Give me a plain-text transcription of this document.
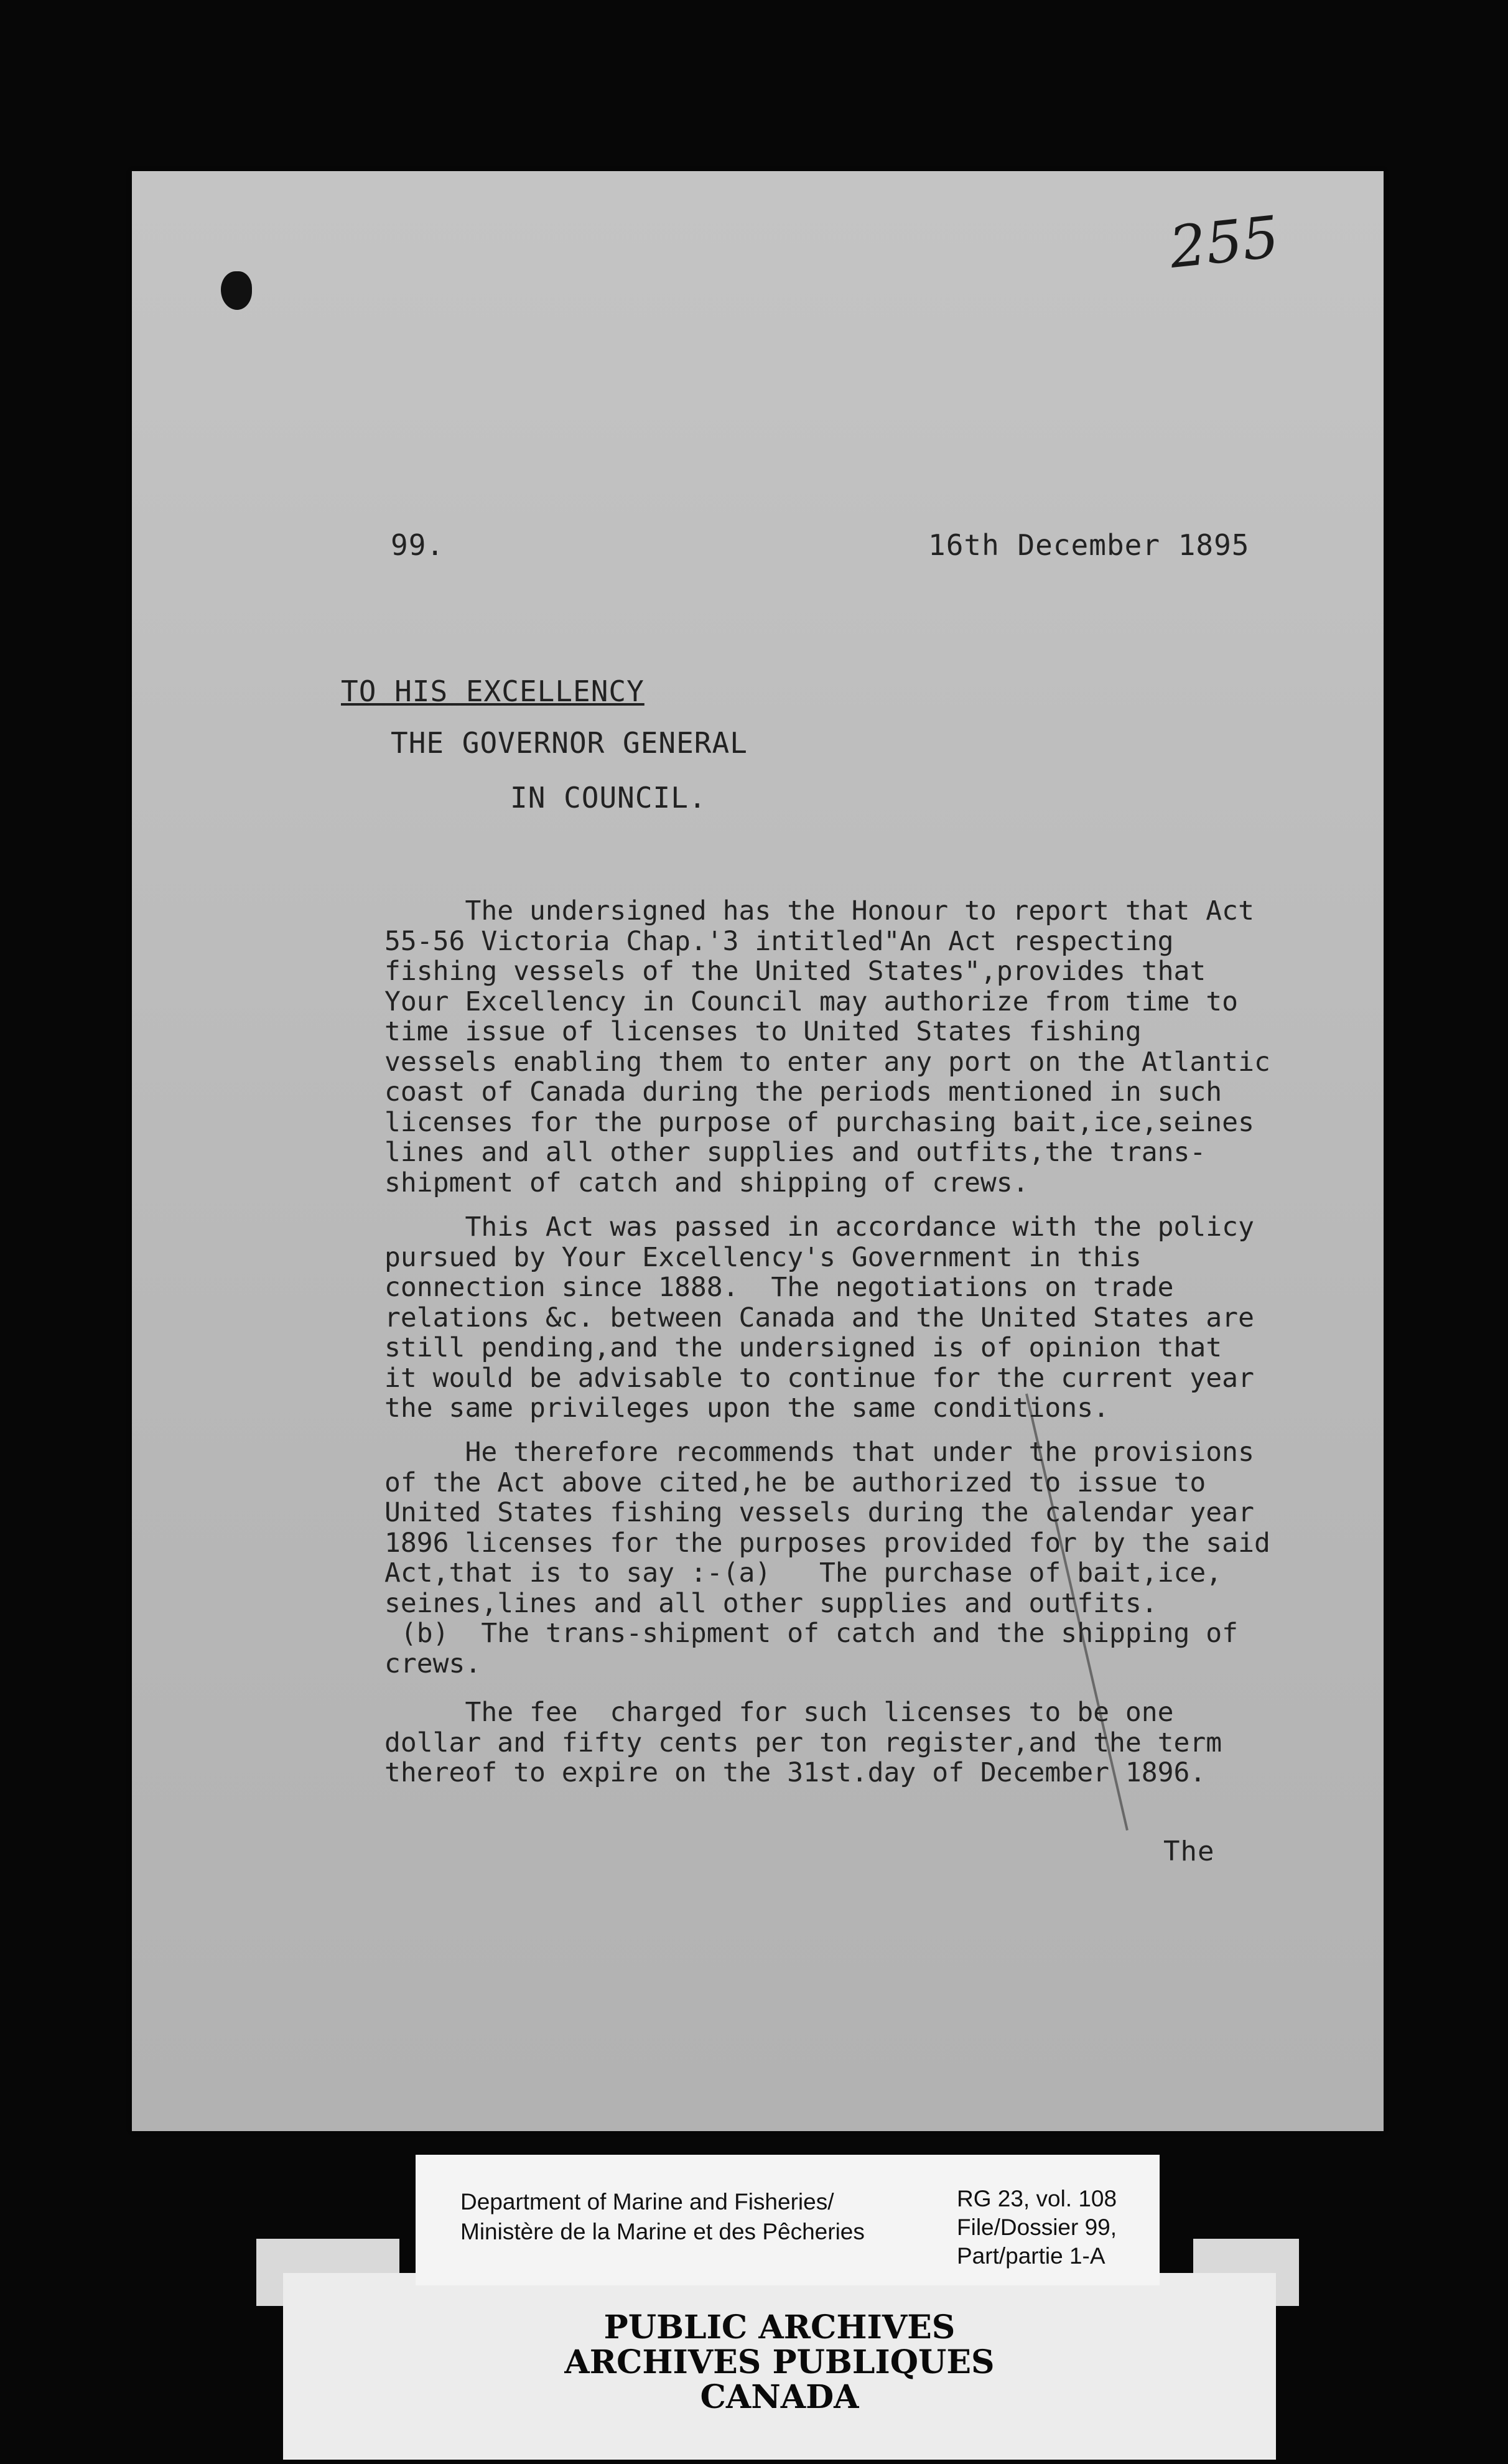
255
99.	16th December 1895
TO HIS EXCELLENCY
THE GOVERNOR GENERAL
IN COUNCIL.
The undersigned has the Honour to report that Act
55-56 Victoria Chap.'3 intitled"An Act respecting
fishing vessels of the United States",provides that
Your Excellency in Council may authorize from time to
time issue of licenses to United States fishing
vessels enabling them to enter any port on the Atlantic
coast of Canada during the periods mentioned in such
licenses for the purpose of purchasing bait,ice,seines
lines and all other supplies and outfits,the trans-
shipment of catch and shipping of crews.
This Act was passed in accordance with the policy
pursued by Your Excellency's Government in this
connection since 1888.  The negotiations on trade
relations &c. between Canada and the United States are
still pending,and the undersigned is of opinion that
it would be advisable to continue for the current year
the same privileges upon the same conditions.
He therefore recommends that under the provisions
of the Act above cited,he be authorized to issue to
United States fishing vessels during the calendar year
1896 licenses for the purposes provided for by the said
Act,that is to say :-(a)   The purchase of bait,ice,
seines,lines and all other supplies and outfits.
(b)  The trans-shipment of catch and the shipping of
crews.
The fee  charged for such licenses to be one
dollar and fifty cents per ton register,and the term
thereof to expire on the 31st.day of December 1896.
The
PUBLIC ARCHIVES
ARCHIVES PUBLIQUES
CANADA
Department of Marine and Fisheries/
Ministère de la Marine et des Pêcheries
RG 23, vol. 108
File/Dossier 99,
Part/partie 1-A
